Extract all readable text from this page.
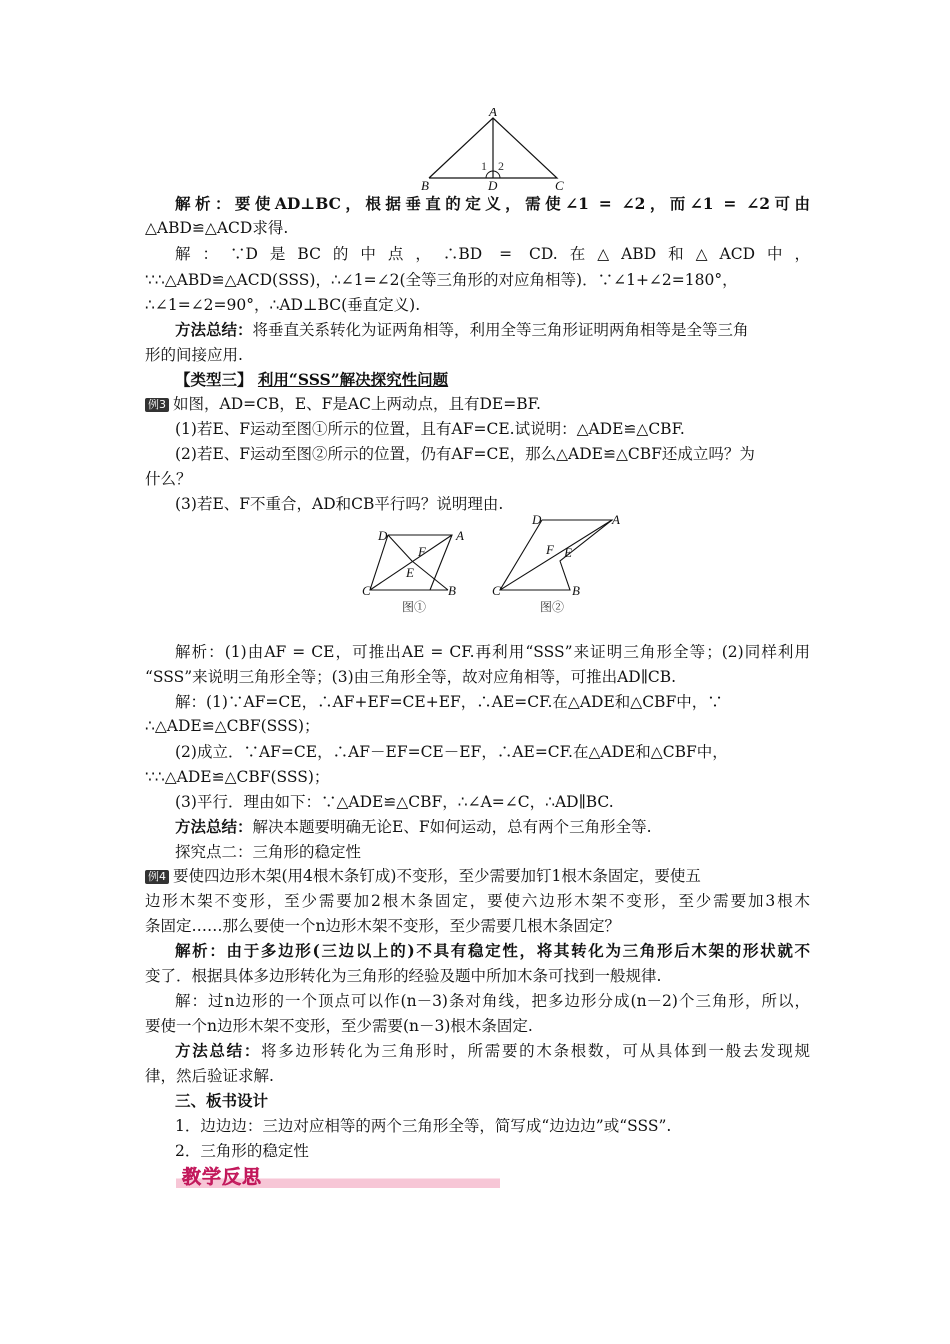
A
B	D	C
1 2
解析：要使AD⊥BC，根据垂直的定义，需使∠1 = ∠2，而∠1 = ∠2可由
△ABD≌△ACD求得.
解：∵D是BC的中点，∴BD = CD.在△ABD和△ACD中，
∵∴△ABD≌△ACD(SSS)，∴∠1=∠2(全等三角形的对应角相等)．∵∠1+∠2=180°，
∴∠1=∠2=90°，∴AD⊥BC(垂直定义).
方法总结：将垂直关系转化为证两角相等，利用全等三角形证明两角相等是全等三角
形的间接应用.
【类型三】 利用“SSS”解决探究性问题
例3 如图，AD=CB，E、F是AC上两动点，且有DE=BF.
(1)若E、F运动至图①所示的位置，且有AF=CE.试说明：△ADE≌△CBF.
(2)若E、F运动至图②所示的位置，仍有AF=CE，那么△ADE≌△CBF还成立吗？为
什么？
(3)若E、F不重合，AD和CB平行吗？说明理由.
D	A
F
E
C	B
图①
D	A
F E
C	B
图②
解析：(1)由AF = CE，可推出AE = CF.再利用“SSS”来证明三角形全等；(2)同样利用
“SSS”来说明三角形全等；(3)由三角形全等，故对应角相等，可推出AD∥CB.
解：(1)∵AF=CE，∴AF+EF=CE+EF，∴AE=CF.在△ADE和△CBF中，∵
∴△ADE≌△CBF(SSS)；
(2)成立．∵AF=CE，∴AF－EF=CE－EF，∴AE=CF.在△ADE和△CBF中，
∵∴△ADE≌△CBF(SSS)；
(3)平行．理由如下：∵△ADE≌△CBF，∴∠A=∠C，∴AD∥BC.
方法总结：解决本题要明确无论E、F如何运动，总有两个三角形全等.
探究点二：三角形的稳定性
例4 要使四边形木架(用4根木条钉成)不变形，至少需要加钉1根木条固定，要使五
边形木架不变形，至少需要加2根木条固定，要使六边形木架不变形，至少需要加3根木
条固定……那么要使一个n边形木架不变形，至少需要几根木条固定？
解析：由于多边形(三边以上的)不具有稳定性，将其转化为三角形后木架的形状就不
变了．根据具体多边形转化为三角形的经验及题中所加木条可找到一般规律.
解：过n边形的一个顶点可以作(n－3)条对角线，把多边形分成(n－2)个三角形，所以，
要使一个n边形木架不变形，至少需要(n－3)根木条固定.
方法总结：将多边形转化为三角形时，所需要的木条根数，可从具体到一般去发现规
律，然后验证求解.
三、板书设计
1．边边边：三边对应相等的两个三角形全等，简写成“边边边”或“SSS”.
2．三角形的稳定性
教学反思
